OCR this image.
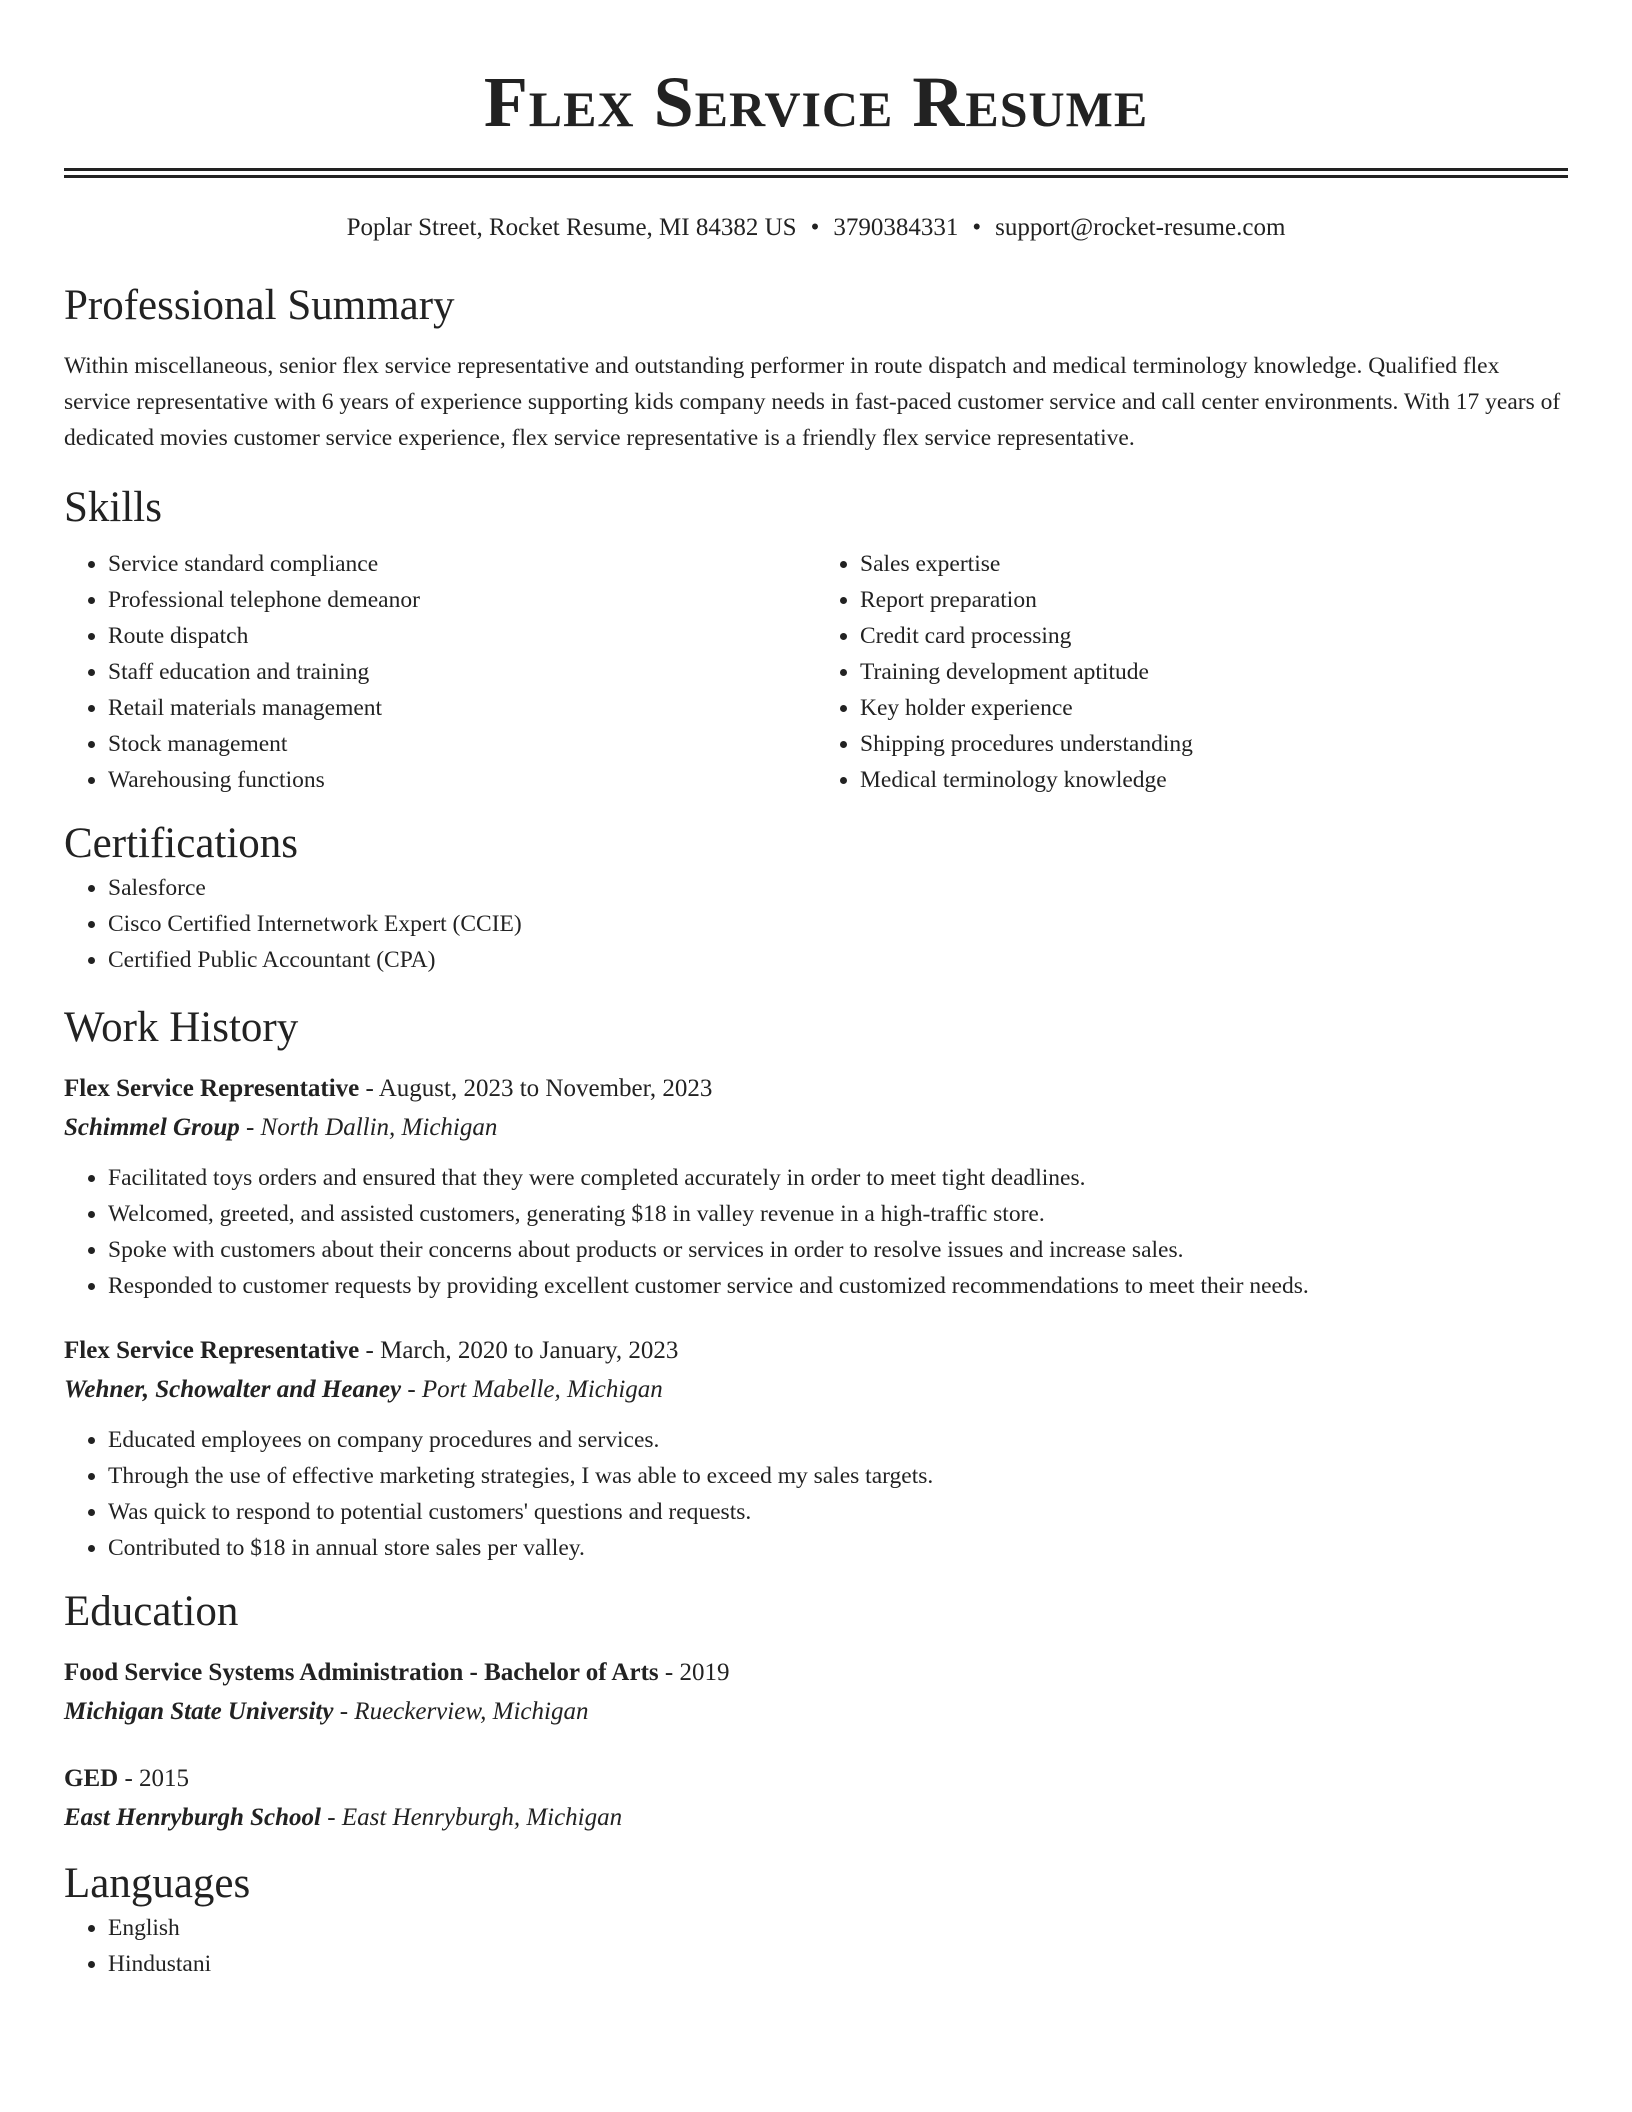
Flex Service Resume
Poplar Street, Rocket Resume, MI 84382 US • 3790384331 • support@rocket-resume.com
Professional Summary

Within miscellaneous, senior flex service representative and outstanding performer in route dispatch and medical terminology knowledge. Qualified flex service representative with 6 years of experience supporting kids company needs in fast-paced customer service and call center environments. With 17 years of dedicated movies customer service experience, flex service representative is a friendly flex service representative.

Skills
• Service standard compliance
• Professional telephone demeanor
• Route dispatch
• Staff education and training
• Retail materials management
• Stock management
• Warehousing functions
• Sales expertise
• Report preparation
• Credit card processing
• Training development aptitude
• Key holder experience
• Shipping procedures understanding
• Medical terminology knowledge
Certifications
• Salesforce
• Cisco Certified Internetwork Expert (CCIE)
• Certified Public Accountant (CPA)
Work History
Flex Service Representative - August, 2023 to November, 2023
Schimmel Group - North Dallin, Michigan
• Facilitated toys orders and ensured that they were completed accurately in order to meet tight deadlines.
• Welcomed, greeted, and assisted customers, generating $18 in valley revenue in a high-traffic store.
• Spoke with customers about their concerns about products or services in order to resolve issues and increase sales.
• Responded to customer requests by providing excellent customer service and customized recommendations to meet their needs.
Flex Service Representative - March, 2020 to January, 2023
Wehner, Schowalter and Heaney - Port Mabelle, Michigan
• Educated employees on company procedures and services.
• Through the use of effective marketing strategies, I was able to exceed my sales targets.
• Was quick to respond to potential customers' questions and requests.
• Contributed to $18 in annual store sales per valley.
Education
Food Service Systems Administration - Bachelor of Arts - 2019
Michigan State University - Rueckerview, Michigan
GED - 2015
East Henryburgh School - East Henryburgh, Michigan
Languages
• English
• Hindustani
